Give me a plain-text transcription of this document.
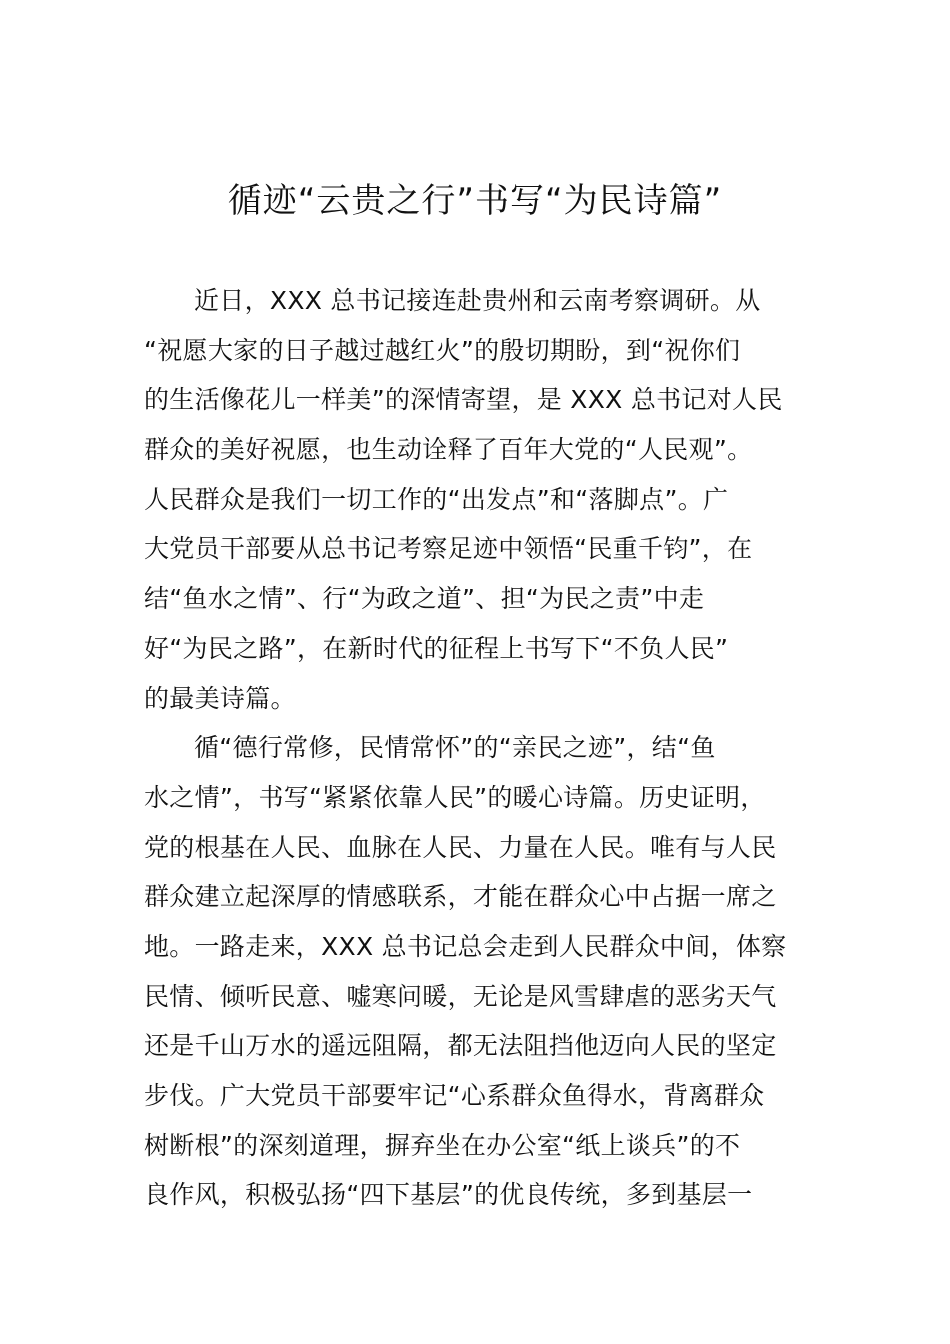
循迹“云贵之行”书写“为民诗篇”
近日，XXX 总书记接连赴贵州和云南考察调研。从
“祝愿大家的日子越过越红火”的殷切期盼，到“祝你们
的生活像花儿一样美”的深情寄望，是 XXX 总书记对人民
群众的美好祝愿，也生动诠释了百年大党的“人民观”。
人民群众是我们一切工作的“出发点”和“落脚点”。广
大党员干部要从总书记考察足迹中领悟“民重千钧”，在
结“鱼水之情”、行“为政之道”、担“为民之责”中走
好“为民之路”，在新时代的征程上书写下“不负人民”
的最美诗篇。
循“德行常修，民情常怀”的“亲民之迹”，结“鱼
水之情”，书写“紧紧依靠人民”的暖心诗篇。历史证明，
党的根基在人民、血脉在人民、力量在人民。唯有与人民
群众建立起深厚的情感联系，才能在群众心中占据一席之
地。一路走来，XXX 总书记总会走到人民群众中间，体察
民情、倾听民意、嘘寒问暖，无论是风雪肆虐的恶劣天气
还是千山万水的遥远阻隔，都无法阻挡他迈向人民的坚定
步伐。广大党员干部要牢记“心系群众鱼得水，背离群众
树断根”的深刻道理，摒弃坐在办公室“纸上谈兵”的不
良作风，积极弘扬“四下基层”的优良传统，多到基层一
